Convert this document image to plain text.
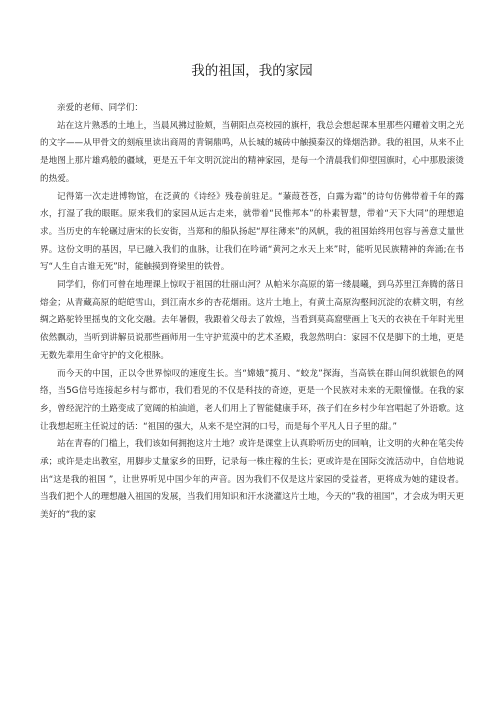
我的祖国，我的家园

亲爱的老师、同学们：

站在这片熟悉的土地上，当晨风拂过脸颊，当朝阳点亮校园的旗杆，我总会想起课本里那些闪耀着文明之光的文字——从甲骨文的刻痕里读出商周的青铜鼎鸣，从长城的城砖中触摸秦汉的烽烟浩渺。我的祖国，从来不止是地图上那片雄鸡般的疆域，更是五千年文明沉淀出的精神家园，是每一个清晨我们仰望国旗时，心中那股滚烫的热爱。

记得第一次走进博物馆，在泛黄的《诗经》残卷前驻足。“蒹葭苍苍，白露为霜”的诗句仿佛带着千年的露水，打湿了我的眼眶。原来我们的家园从远古走来，就带着“民惟邦本”的朴素智慧，带着“天下大同”的理想追求。当历史的车轮碾过唐宋的长安街，当郑和的船队扬起“厚往薄来”的风帆，我的祖国始终用包容与善意丈量世界。这份文明的基因，早已融入我们的血脉，让我们在吟诵“黄河之水天上来”时，能听见民族精神的奔涌;在书写“人生自古谁无死”时，能触摸到脊梁里的铁骨。

同学们，你们可曾在地理课上惊叹于祖国的壮丽山河？从帕米尔高原的第一缕晨曦，到乌苏里江奔腾的落日熔金；从青藏高原的皑皑雪山，到江南水乡的杏花烟雨。这片土地上，有黄土高原沟壑间沉淀的农耕文明，有丝绸之路驼铃里摇曳的文化交融。去年暑假，我跟着父母去了敦煌，当看到莫高窟壁画上飞天的衣袂在千年时光里依然飘动，当听到讲解员说那些画师用一生守护荒漠中的艺术圣殿，我忽然明白：家园不仅是脚下的土地，更是无数先辈用生命守护的文化根脉。

而今天的中国，正以令世界惊叹的速度生长。当“嫦娥”揽月、“蛟龙”探海，当高铁在群山间织就银色的网络，当5G信号连接起乡村与都市，我们看见的不仅是科技的奇迹，更是一个民族对未来的无限憧憬。在我的家乡，曾经泥泞的土路变成了宽阔的柏油道，老人们用上了智能健康手环，孩子们在乡村少年宫唱起了外语歌。这让我想起班主任说过的话：“祖国的强大，从来不是空洞的口号，而是每个平凡人日子里的甜。”

站在青春的门槛上，我们该如何拥抱这片土地？或许是课堂上认真聆听历史的回响，让文明的火种在笔尖传承；或许是走出教室，用脚步丈量家乡的田野，记录每一株庄稼的生长；更或许是在国际交流活动中，自信地说出“这是我的祖国 ”，让世界听见中国少年的声音。因为我们不仅是这片家园的受益者，更将成为她的建设者。当我们把个人的理想融入祖国的发展，当我们用知识和汗水浇灌这片土地，今天的”我的祖国”，才会成为明天更美好的“我的家
